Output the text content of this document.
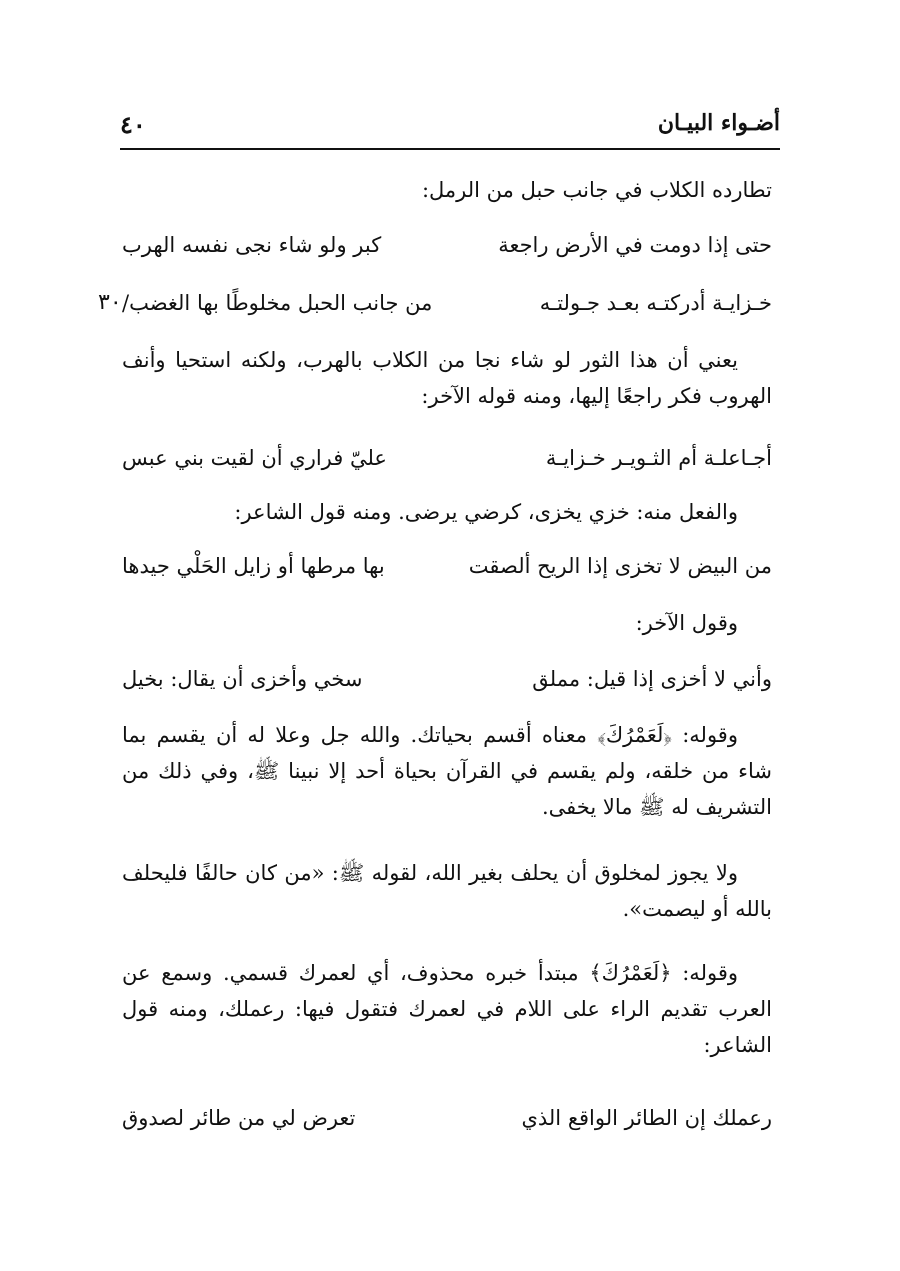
أضـواء البيـان
٤٠
تطارده الكلاب في جانب حبل من الرمل:
حتى إذا دومت في الأرض راجعة
كبر ولو شاء نجى نفسه الهرب
٣٠	خـزايـة أدركتـه بعـد جـولتـه
من جانب الحبل مخلوطًا بها الغضب/
يعني أن هذا الثور لو شاء نجا من الكلاب بالهرب، ولكنه استحيا وأنف الهروب فكر راجعًا إليها، ومنه قوله الآخر:
أجـاعلـة أم الثـويـر خـزايـة
عليّ فراري أن لقيت بني عبس
والفعل منه: خزي يخزى، كرضي يرضى. ومنه قول الشاعر:
من البيض لا تخزى إذا الريح ألصقت
بها مرطها أو زايل الحَلْي جيدها
وقول الآخر:
وأني لا أخزى إذا قيل: مملق
سخي وأخزى أن يقال: بخيل
وقوله: ﴿لَعَمْرُكَ﴾ معناه أقسم بحياتك. والله جل وعلا له أن يقسم بما شاء من خلقه، ولم يقسم في القرآن بحياة أحد إلا نبينا ﷺ، وفي ذلك من التشريف له ﷺ مالا يخفى.
ولا يجوز لمخلوق أن يحلف بغير الله، لقوله ﷺ: «من كان حالفًا فليحلف بالله أو ليصمت».
وقوله: ﴿لَعَمْرُكَ﴾ مبتدأ خبره محذوف، أي لعمرك قسمي. وسمع عن العرب تقديم الراء على اللام في لعمرك فتقول فيها: رعملك، ومنه قول الشاعر:
رعملك إن الطائر الواقع الذي
تعرض لي من طائر لصدوق
